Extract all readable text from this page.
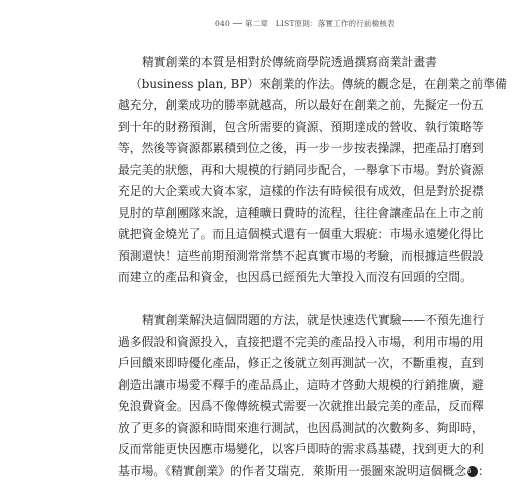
040 ── 第二章　LIST原則：落實工作的行前檢核表
精實創業的本質是相對於傳統商學院透過撰寫商業計畫書
（business plan, BP）來創業的作法。傳統的觀念是，在創業之前準備
越充分，創業成功的勝率就越高，所以最好在創業之前，先擬定一份五
到十年的財務預測，包含所需要的資源、預期達成的營收、執行策略等
等，然後等資源都累積到位之後，再一步一步按表操課，把產品打磨到
最完美的狀態，再和大規模的行銷同步配合，一舉拿下市場。對於資源
充足的大企業或大資本家，這樣的作法有時候很有成效，但是對於捉襟
見肘的草創團隊來說，這種曠日費時的流程，往往會讓產品在上市之前
就把資金燒光了。而且這個模式還有一個重大瑕疵：市場永遠變化得比
預測還快！這些前期預測常常禁不起真實市場的考驗，而根據這些假設
而建立的產品和資金，也因爲已經預先大筆投入而沒有回頭的空間。
精實創業解決這個問題的方法，就是快速迭代實驗——不預先進行
過多假設和資源投入，直接把還不完美的產品投入市場，利用市場的用
戶回饋來即時優化產品，修正之後就立刻再測試一次，不斷重複，直到
創造出讓市場愛不釋手的產品爲止，這時才啓動大規模的行銷推廣，避
免浪費資金。因爲不像傳統模式需要一次就推出最完美的產品，反而釋
放了更多的資源和時間來進行測試，也因爲測試的次數夠多、夠即時，
反而常能更快因應市場變化，以客戶即時的需求爲基礎，找到更大的利
基市場。《精實創業》的作者艾瑞克．萊斯用一張圖來說明這個概念6 ：
